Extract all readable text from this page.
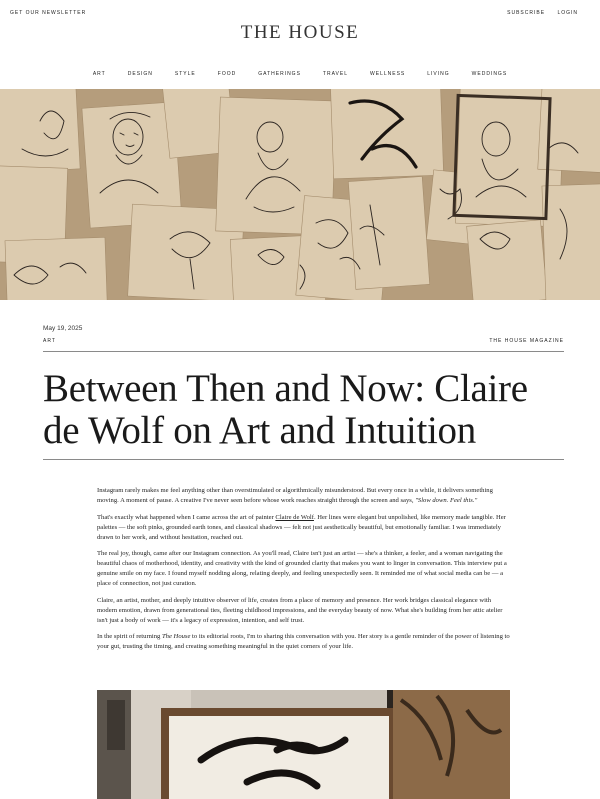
GET OUR NEWSLETTER
THE HOUSE
SUBSCRIBE LOGIN
ART	DESIGN	STYLE	FOOD	GATHERINGS	TRAVEL	WELLNESS	LIVING	WEDDINGS
May 19, 2025
ART	THE HOUSE MAGAZINE
Between Then and Now: Claire de Wolf on Art and Intuition

Instagram rarely makes me feel anything other than overstimulated or algorithmically misunderstood. But every once in a while, it delivers something moving. A moment of pause. A creative I've never seen before whose work reaches straight through the screen and says, "Slow down. Feel this."

That's exactly what happened when I came across the art of painter Claire de Wolf. Her lines were elegant but unpolished, like memory made tangible. Her palettes — the soft pinks, grounded earth tones, and classical shadows — felt not just aesthetically beautiful, but emotionally familiar. I was immediately drawn to her work, and without hesitation, reached out.

The real joy, though, came after our Instagram connection. As you'll read, Claire isn't just an artist — she's a thinker, a feeler, and a woman navigating the beautiful chaos of motherhood, identity, and creativity with the kind of grounded clarity that makes you want to linger in conversation. This interview put a genuine smile on my face. I found myself nodding along, relating deeply, and feeling unexpectedly seen. It reminded me of what social media can be — a place of connection, not just curation.

Claire, an artist, mother, and deeply intuitive observer of life, creates from a place of memory and presence. Her work bridges classical elegance with modern emotion, drawn from generational ties, fleeting childhood impressions, and the everyday beauty of now. What she's building from her attic atelier isn't just a body of work — it's a legacy of expression, intention, and self trust.

In the spirit of returning The House to its editorial roots, I'm to sharing this conversation with you. Her story is a gentle reminder of the power of listening to your gut, trusting the timing, and creating something meaningful in the quiet corners of your life.
